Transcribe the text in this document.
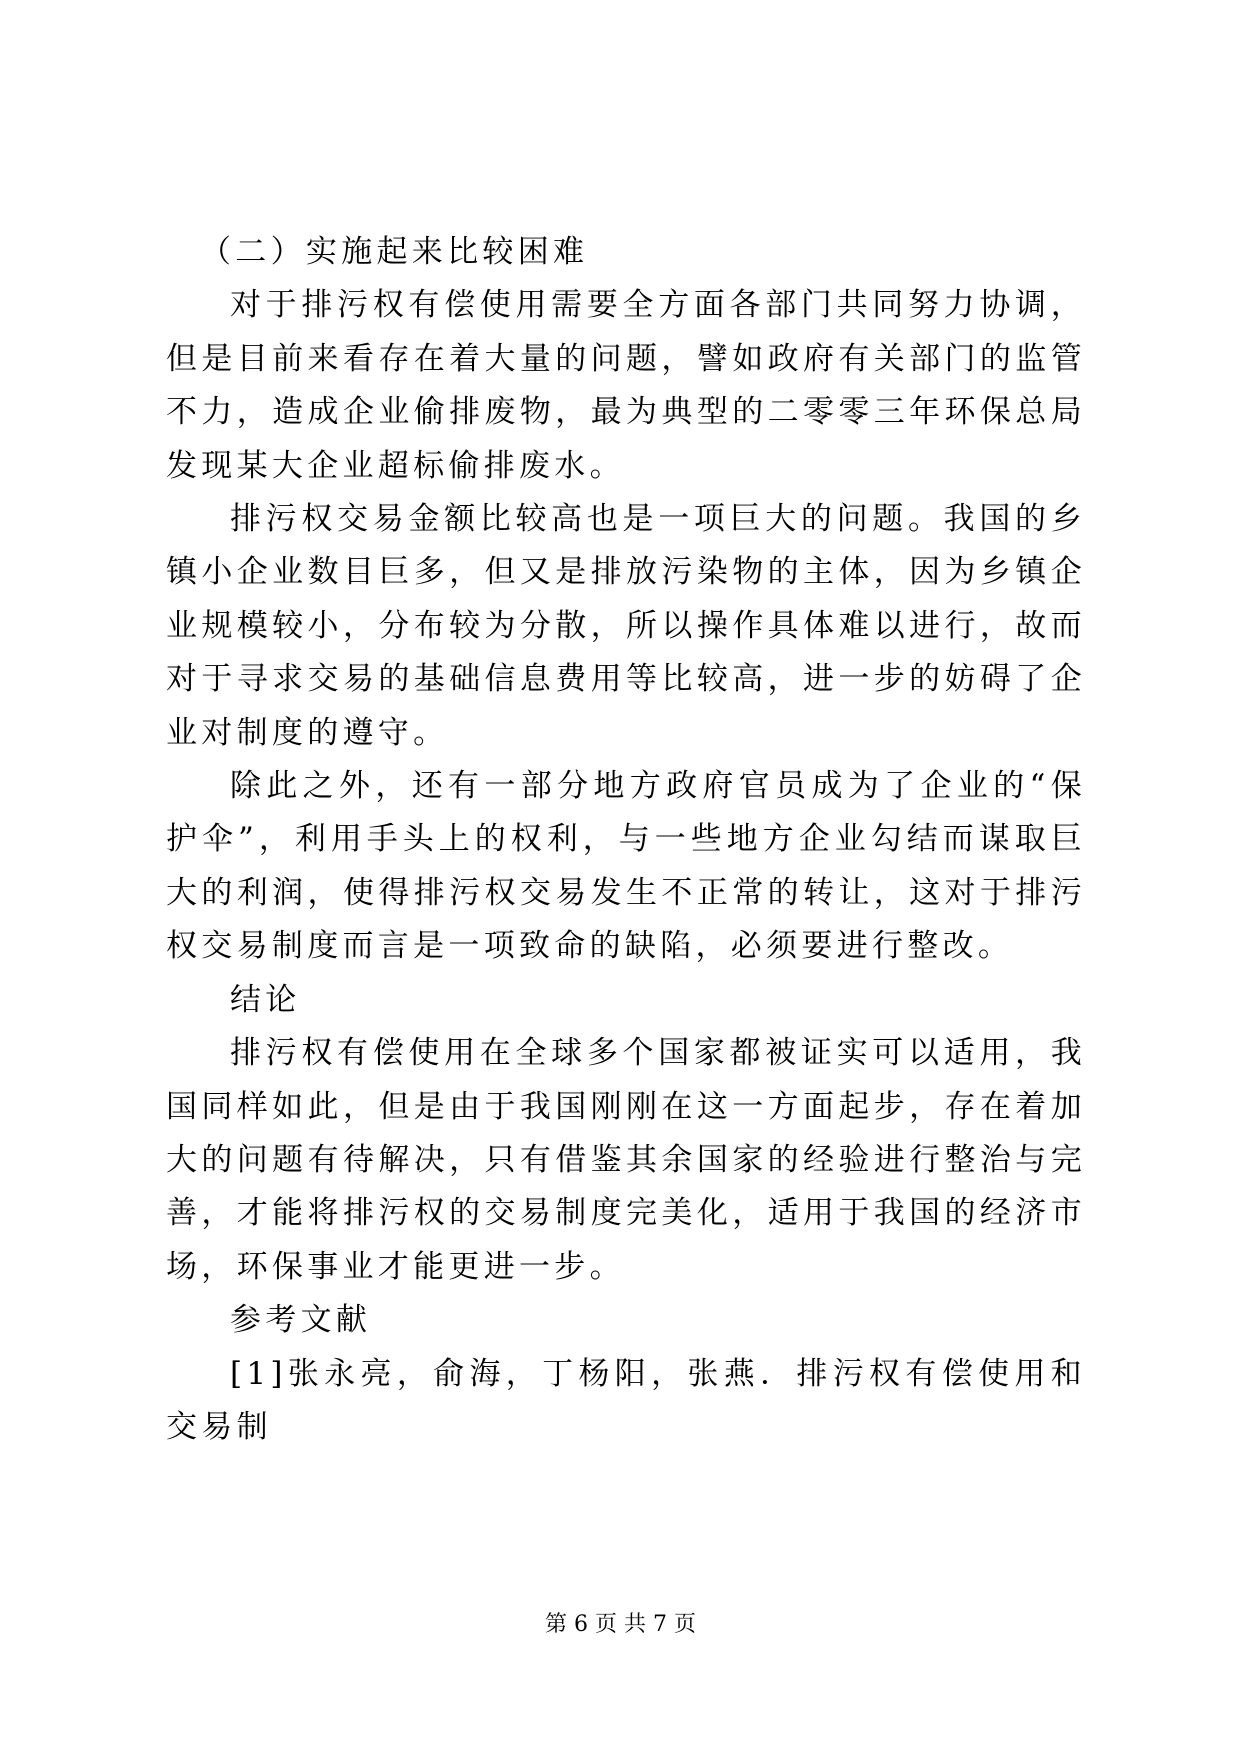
（二）实施起来比较困难

对于排污权有偿使用需要全方面各部门共同努力协调，但是目前来看存在着大量的问题，譬如政府有关部门的监管不力，造成企业偷排废物，最为典型的二零零三年环保总局发现某大企业超标偷排废水。

排污权交易金额比较高也是一项巨大的问题。我国的乡镇小企业数目巨多，但又是排放污染物的主体，因为乡镇企业规模较小，分布较为分散，所以操作具体难以进行，故而对于寻求交易的基础信息费用等比较高，进一步的妨碍了企业对制度的遵守。

除此之外，还有一部分地方政府官员成为了企业的“保护伞”，利用手头上的权利，与一些地方企业勾结而谋取巨大的利润，使得排污权交易发生不正常的转让，这对于排污权交易制度而言是一项致命的缺陷，必须要进行整改。

结论

排污权有偿使用在全球多个国家都被证实可以适用，我国同样如此，但是由于我国刚刚在这一方面起步，存在着加大的问题有待解决，只有借鉴其余国家的经验进行整治与完善，才能将排污权的交易制度完美化，适用于我国的经济市场，环保事业才能更进一步。

参考文献

[1]张永亮，俞海，丁杨阳，张燕．排污权有偿使用和交易制

第 6 页 共 7 页
